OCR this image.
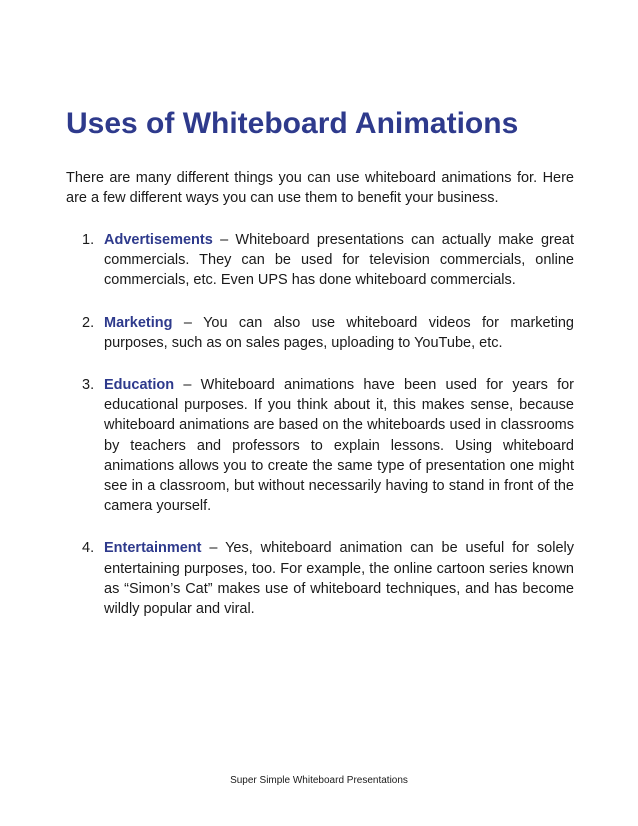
Uses of Whiteboard Animations

There are many different things you can use whiteboard animations for. Here are a few different ways you can use them to benefit your business.

1. Advertisements – Whiteboard presentations can actually make great commercials. They can be used for television commercials, online commercials, etc. Even UPS has done whiteboard commercials.
2. Marketing – You can also use whiteboard videos for marketing purposes, such as on sales pages, uploading to YouTube, etc.
3. Education – Whiteboard animations have been used for years for educational purposes. If you think about it, this makes sense, because whiteboard animations are based on the whiteboards used in classrooms by teachers and professors to explain lessons. Using whiteboard animations allows you to create the same type of presentation one might see in a classroom, but without necessarily having to stand in front of the camera yourself.
4. Entertainment – Yes, whiteboard animation can be useful for solely entertaining purposes, too. For example, the online cartoon series known as “Simon’s Cat” makes use of whiteboard techniques, and has become wildly popular and viral.
Super Simple Whiteboard Presentations
